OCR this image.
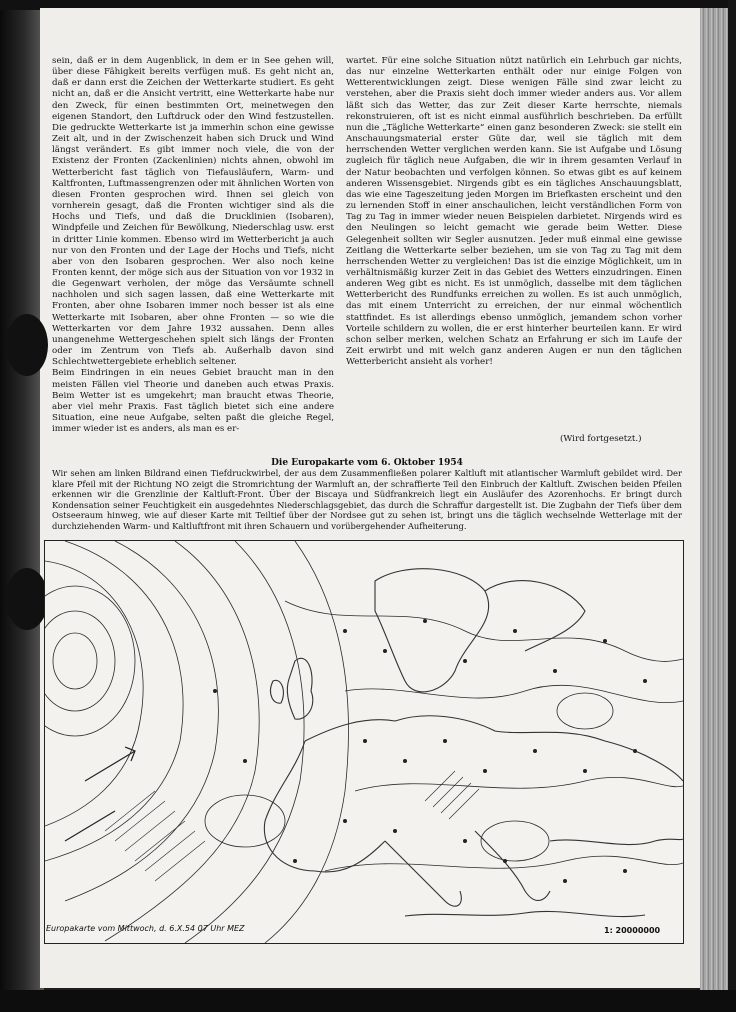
sein, daß er in dem Augenblick, in dem er in See gehen will, über diese Fähigkeit bereits verfügen muß. Es geht nicht an, daß er dann erst die Zeichen der Wetterkarte studiert. Es geht nicht an, daß er die Ansicht vertritt, eine Wetterkarte habe nur den Zweck, für einen bestimmten Ort, meinetwegen den eigenen Standort, den Luftdruck oder den Wind festzustellen. Die gedruckte Wetterkarte ist ja immerhin schon eine gewisse Zeit alt, und in der Zwischenzeit haben sich Druck und Wind längst verändert. Es gibt immer noch viele, die von der Existenz der Fronten (Zackenlinien) nichts ahnen, obwohl im Wetterbericht fast täglich von Tiefausläufern, Warm- und Kaltfronten, Luftmassengrenzen oder mit ähnlichen Worten von diesen Fronten gesprochen wird. Ihnen sei gleich von vornherein gesagt, daß die Fronten wichtiger sind als die Hochs und Tiefs, und daß die Drucklinien (Isobaren), Windpfeile und Zeichen für Bewölkung, Niederschlag usw. erst in dritter Linie kommen. Ebenso wird im Wetterbericht ja auch nur von den Fronten und der Lage der Hochs und Tiefs, nicht aber von den Isobaren gesprochen. Wer also noch keine Fronten kennt, der möge sich aus der Situation von vor 1932 in die Gegenwart verholen, der möge das Versäumte schnell nachholen und sich sagen lassen, daß eine Wetterkarte mit Fronten, aber ohne Isobaren immer noch besser ist als eine Wetterkarte mit Isobaren, aber ohne Fronten — so wie die Wetterkarten vor dem Jahre 1932 aussahen. Denn alles unangenehme Wettergeschehen spielt sich längs der Fronten oder im Zentrum von Tiefs ab. Außerhalb davon sind Schlechtwettergebiete erheblich seltener.

Beim Eindringen in ein neues Gebiet braucht man in den meisten Fällen viel Theorie und daneben auch etwas Praxis. Beim Wetter ist es umgekehrt; man braucht etwas Theorie, aber viel mehr Praxis. Fast täglich bietet sich eine andere Situation, eine neue Aufgabe, selten paßt die gleiche Regel, immer wieder ist es anders, als man es er-

wartet. Für eine solche Situation nützt natürlich ein Lehrbuch gar nichts, das nur einzelne Wetterkarten enthält oder nur einige Folgen von Wetterentwicklungen zeigt. Diese wenigen Fälle sind zwar leicht zu verstehen, aber die Praxis sieht doch immer wieder anders aus. Vor allem läßt sich das Wetter, das zur Zeit dieser Karte herrschte, niemals rekonstruieren, oft ist es nicht einmal ausführlich beschrieben. Da erfüllt nun die „Tägliche Wetterkarte“ einen ganz besonderen Zweck: sie stellt ein Anschauungsmaterial erster Güte dar, weil sie täglich mit dem herrschenden Wetter verglichen werden kann. Sie ist Aufgabe und Lösung zugleich für täglich neue Aufgaben, die wir in ihrem gesamten Verlauf in der Natur beobachten und verfolgen können. So etwas gibt es auf keinem anderen Wissensgebiet. Nirgends gibt es ein tägliches Anschauungsblatt, das wie eine Tageszeitung jeden Morgen im Briefkasten erscheint und den zu lernenden Stoff in einer anschaulichen, leicht verständlichen Form von Tag zu Tag in immer wieder neuen Beispielen darbietet. Nirgends wird es den Neulingen so leicht gemacht wie gerade beim Wetter. Diese Gelegenheit sollten wir Segler ausnutzen. Jeder muß einmal eine gewisse Zeitlang die Wetterkarte selber beziehen, um sie von Tag zu Tag mit dem herrschenden Wetter zu vergleichen! Das ist die einzige Möglichkeit, um in verhältnismäßig kurzer Zeit in das Gebiet des Wetters einzudringen. Einen anderen Weg gibt es nicht. Es ist unmöglich, dasselbe mit dem täglichen Wetterbericht des Rundfunks erreichen zu wollen. Es ist auch unmöglich, das mit einem Unterricht zu erreichen, der nur einmal wöchentlich stattfindet. Es ist allerdings ebenso unmöglich, jemandem schon vorher Vorteile schildern zu wollen, die er erst hinterher beurteilen kann. Er wird schon selber merken, welchen Schatz an Erfahrung er sich im Laufe der Zeit erwirbt und mit welch ganz anderen Augen er nun den täglichen Wetterbericht ansieht als vorher!

(Wird fortgesetzt.)
Die Europakarte vom 6. Oktober 1954
Wir sehen am linken Bildrand einen Tiefdruckwirbel, der aus dem Zusammenfließen polarer Kaltluft mit atlantischer Warmluft gebildet wird. Der klare Pfeil mit der Richtung NO zeigt die Stromrichtung der Warmluft an, der schraffierte Teil den Einbruch der Kaltluft. Zwischen beiden Pfeilen erkennen wir die Grenzlinie der Kaltluft-Front. Über der Biscaya und Südfrankreich liegt ein Ausläufer des Azorenhochs. Er bringt durch Kondensation seiner Feuchtigkeit ein ausgedehntes Niederschlagsgebiet, das durch die Schraffur dargestellt ist. Die Zugbahn der Tiefs über dem Ostseeraum hinweg, wie auf dieser Karte mit Teiltief über der Nordsee gut zu sehen ist, bringt uns die täglich wechselnde Wetterlage mit der durchziehenden Warm- und Kaltluftfront mit ihren Schauern und vorübergehender Aufheiterung.
Europakarte vom Mittwoch, d. 6.X.54 07 Uhr MEZ	1: 20000000
